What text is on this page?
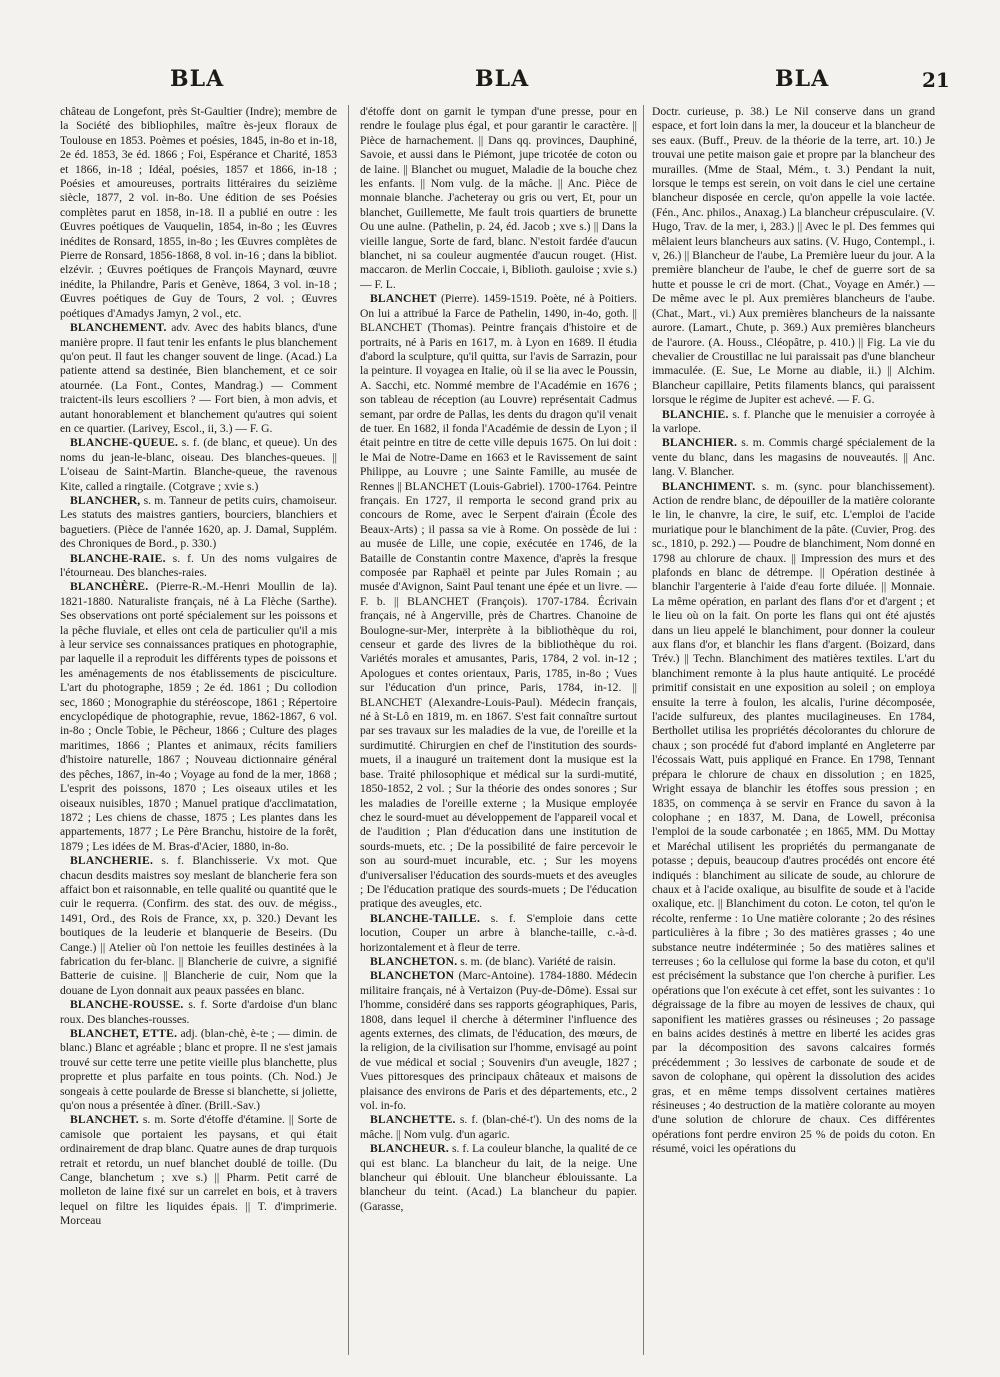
BLA	BLA	BLA	21

château de Longefont, près St-Gaultier (Indre); membre de la Société des bibliophiles, maître ès-jeux floraux de Toulouse en 1853. Poèmes et poésies, 1845, in-8o et in-18, 2e éd. 1853, 3e éd. 1866 ; Foi, Espérance et Charité, 1853 et 1866, in-18 ; Idéal, poésies, 1857 et 1866, in-18 ; Poésies et amoureuses, portraits littéraires du seizième siècle, 1877, 2 vol. in-8o. Une édition de ses Poésies complètes parut en 1858, in-18. Il a publié en outre : les Œuvres poétiques de Vauquelin, 1854, in-8o ; les Œuvres inédites de Ronsard, 1855, in-8o ; les Œuvres complètes de Pierre de Ronsard, 1856-1868, 8 vol. in-16 ; dans la bibliot. elzévir. ; Œuvres poétiques de François Maynard, œuvre inédite, la Philandre, Paris et Genève, 1864, 3 vol. in-18 ; Œuvres poétiques de Guy de Tours, 2 vol. ; Œuvres poétiques d'Amadys Jamyn, 2 vol., etc.

BLANCHEMENT. adv. Avec des habits blancs, d'une manière propre. Il faut tenir les enfants le plus blanchement qu'on peut. Il faut les changer souvent de linge. (Acad.) La patiente attend sa destinée, Bien blanchement, et ce soir atournée. (La Font., Contes, Mandrag.) — Comment traictent-ils leurs escolliers ? — Fort bien, à mon advis, et autant honorablement et blanchement qu'autres qui soient en ce quartier. (Larivey, Escol., ii, 3.) — F. G.

BLANCHE-QUEUE. s. f. (de blanc, et queue). Un des noms du jean-le-blanc, oiseau. Des blanches-queues. || L'oiseau de Saint-Martin. Blanche-queue, the ravenous Kite, called a ringtaile. (Cotgrave ; xvie s.)

BLANCHER, s. m. Tanneur de petits cuirs, chamoiseur. Les statuts des maistres gantiers, bourciers, blanchiers et baguetiers. (Pièce de l'année 1620, ap. J. Damal, Supplém. des Chroniques de Bord., p. 330.)

BLANCHE-RAIE. s. f. Un des noms vulgaires de l'étourneau. Des blanches-raies.

BLANCHÈRE. (Pierre-R.-M.-Henri Moullin de la). 1821-1880. Naturaliste français, né à La Flèche (Sarthe). Ses observations ont porté spécialement sur les poissons et la pêche fluviale, et elles ont cela de particulier qu'il a mis à leur service ses connaissances pratiques en photographie, par laquelle il a reproduit les différents types de poissons et les aménagements de nos établissements de pisciculture. L'art du photographe, 1859 ; 2e éd. 1861 ; Du collodion sec, 1860 ; Monographie du stéréoscope, 1861 ; Répertoire encyclopédique de photographie, revue, 1862-1867, 6 vol. in-8o ; Oncle Tobie, le Pêcheur, 1866 ; Culture des plages maritimes, 1866 ; Plantes et animaux, récits familiers d'histoire naturelle, 1867 ; Nouveau dictionnaire général des pêches, 1867, in-4o ; Voyage au fond de la mer, 1868 ; L'esprit des poissons, 1870 ; Les oiseaux utiles et les oiseaux nuisibles, 1870 ; Manuel pratique d'acclimatation, 1872 ; Les chiens de chasse, 1875 ; Les plantes dans les appartements, 1877 ; Le Père Branchu, histoire de la forêt, 1879 ; Les idées de M. Bras-d'Acier, 1880, in-8o.

BLANCHERIE. s. f. Blanchisserie. Vx mot. Que chacun desdits maistres soy meslant de blancherie fera son affaict bon et raisonnable, en telle qualité ou quantité que le cuir le requerra. (Confirm. des stat. des ouv. de mégiss., 1491, Ord., des Rois de France, xx, p. 320.) Devant les boutiques de la leuderie et blanquerie de Beseirs. (Du Cange.) || Atelier où l'on nettoie les feuilles destinées à la fabrication du fer-blanc. || Blancherie de cuivre, a signifié Batterie de cuisine. || Blancherie de cuir, Nom que la douane de Lyon donnait aux peaux passées en blanc.

BLANCHE-ROUSSE. s. f. Sorte d'ardoise d'un blanc roux. Des blanches-rousses.

BLANCHET, ETTE. adj. (blan-chè, è-te ; — dimin. de blanc.) Blanc et agréable ; blanc et propre. Il ne s'est jamais trouvé sur cette terre une petite vieille plus blanchette, plus proprette et plus parfaite en tous points. (Ch. Nod.) Je songeais à cette poularde de Bresse si blanchette, si joliette, qu'on nous a présentée à dîner. (Brill.-Sav.)

BLANCHET. s. m. Sorte d'étoffe d'étamine. || Sorte de camisole que portaient les paysans, et qui était ordinairement de drap blanc. Quatre aunes de drap turquois retrait et retordu, un nuef blanchet doublé de toille. (Du Cange, blanchetum ; xve s.) || Pharm. Petit carré de molleton de laine fixé sur un carrelet en bois, et à travers lequel on filtre les liquides épais. || T. d'imprimerie. Morceau

d'étoffe dont on garnit le tympan d'une presse, pour en rendre le foulage plus égal, et pour garantir le caractère. || Pièce de harnachement. || Dans qq. provinces, Dauphiné, Savoie, et aussi dans le Piémont, jupe tricotée de coton ou de laine. || Blanchet ou muguet, Maladie de la bouche chez les enfants. || Nom vulg. de la mâche. || Anc. Pièce de monnaie blanche. J'acheteray ou gris ou vert, Et, pour un blanchet, Guillemette, Me fault trois quartiers de brunette Ou une aulne. (Pathelin, p. 24, éd. Jacob ; xve s.) || Dans la vieille langue, Sorte de fard, blanc. N'estoit fardée d'aucun blanchet, ni sa couleur augmentée d'aucun rouget. (Hist. maccaron. de Merlin Coccaie, i, Biblioth. gauloise ; xvie s.) — F. L.

BLANCHET (Pierre). 1459-1519. Poète, né à Poitiers. On lui a attribué la Farce de Pathelin, 1490, in-4o, goth. || BLANCHET (Thomas). Peintre français d'histoire et de portraits, né à Paris en 1617, m. à Lyon en 1689. Il étudia d'abord la sculpture, qu'il quitta, sur l'avis de Sarrazin, pour la peinture. Il voyagea en Italie, où il se lia avec le Poussin, A. Sacchi, etc. Nommé membre de l'Académie en 1676 ; son tableau de réception (au Louvre) représentait Cadmus semant, par ordre de Pallas, les dents du dragon qu'il venait de tuer. En 1682, il fonda l'Académie de dessin de Lyon ; il était peintre en titre de cette ville depuis 1675. On lui doit : le Mai de Notre-Dame en 1663 et le Ravissement de saint Philippe, au Louvre ; une Sainte Famille, au musée de Rennes || BLANCHET (Louis-Gabriel). 1700-1764. Peintre français. En 1727, il remporta le second grand prix au concours de Rome, avec le Serpent d'airain (École des Beaux-Arts) ; il passa sa vie à Rome. On possède de lui : au musée de Lille, une copie, exécutée en 1746, de la Bataille de Constantin contre Maxence, d'après la fresque composée par Raphaël et peinte par Jules Romain ; au musée d'Avignon, Saint Paul tenant une épée et un livre. — F. b. || BLANCHET (François). 1707-1784. Écrivain français, né à Angerville, près de Chartres. Chanoine de Boulogne-sur-Mer, interprète à la bibliothèque du roi, censeur et garde des livres de la bibliothèque du roi. Variétés morales et amusantes, Paris, 1784, 2 vol. in-12 ; Apologues et contes orientaux, Paris, 1785, in-8o ; Vues sur l'éducation d'un prince, Paris, 1784, in-12. || BLANCHET (Alexandre-Louis-Paul). Médecin français, né à St-Lô en 1819, m. en 1867. S'est fait connaître surtout par ses travaux sur les maladies de la vue, de l'oreille et la surdimutité. Chirurgien en chef de l'institution des sourds-muets, il a inauguré un traitement dont la musique est la base. Traité philosophique et médical sur la surdi-mutité, 1850-1852, 2 vol. ; Sur la théorie des ondes sonores ; Sur les maladies de l'oreille externe ; la Musique employée chez le sourd-muet au développement de l'appareil vocal et de l'audition ; Plan d'éducation dans une institution de sourds-muets, etc. ; De la possibilité de faire percevoir le son au sourd-muet incurable, etc. ; Sur les moyens d'universaliser l'éducation des sourds-muets et des aveugles ; De l'éducation pratique des sourds-muets ; De l'éducation pratique des aveugles, etc.

BLANCHE-TAILLE. s. f. S'emploie dans cette locution, Couper un arbre à blanche-taille, c.-à-d. horizontalement et à fleur de terre.

BLANCHETON. s. m. (de blanc). Variété de raisin.

BLANCHETON (Marc-Antoine). 1784-1880. Médecin militaire français, né à Vertaizon (Puy-de-Dôme). Essai sur l'homme, considéré dans ses rapports géographiques, Paris, 1808, dans lequel il cherche à déterminer l'influence des agents externes, des climats, de l'éducation, des mœurs, de la religion, de la civilisation sur l'homme, envisagé au point de vue médical et social ; Souvenirs d'un aveugle, 1827 ; Vues pittoresques des principaux châteaux et maisons de plaisance des environs de Paris et des départements, etc., 2 vol. in-fo.

BLANCHETTE. s. f. (blan-ché-t'). Un des noms de la mâche. || Nom vulg. d'un agaric.

BLANCHEUR. s. f. La couleur blanche, la qualité de ce qui est blanc. La blancheur du lait, de la neige. Une blancheur qui éblouit. Une blancheur éblouissante. La blancheur du teint. (Acad.) La blancheur du papier. (Garasse,

Doctr. curieuse, p. 38.) Le Nil conserve dans un grand espace, et fort loin dans la mer, la douceur et la blancheur de ses eaux. (Buff., Preuv. de la théorie de la terre, art. 10.) Je trouvai une petite maison gaie et propre par la blancheur des murailles. (Mme de Staal, Mém., t. 3.) Pendant la nuit, lorsque le temps est serein, on voit dans le ciel une certaine blancheur disposée en cercle, qu'on appelle la voie lactée. (Fén., Anc. philos., Anaxag.) La blancheur crépusculaire. (V. Hugo, Trav. de la mer, i, 283.) || Avec le pl. Des femmes qui mêlaient leurs blancheurs aux satins. (V. Hugo, Contempl., i. v, 26.) || Blancheur de l'aube, La Première lueur du jour. A la première blancheur de l'aube, le chef de guerre sort de sa hutte et pousse le cri de mort. (Chat., Voyage en Amér.) — De même avec le pl. Aux premières blancheurs de l'aube. (Chat., Mart., vi.) Aux premières blancheurs de la naissante aurore. (Lamart., Chute, p. 369.) Aux premières blancheurs de l'aurore. (A. Houss., Cléopâtre, p. 410.) || Fig. La vie du chevalier de Croustillac ne lui paraissait pas d'une blancheur immaculée. (E. Sue, Le Morne au diable, ii.) || Alchim. Blancheur capillaire, Petits filaments blancs, qui paraissent lorsque le régime de Jupiter est achevé. — F. G.

BLANCHIE. s. f. Planche que le menuisier a corroyée à la varlope.

BLANCHIER. s. m. Commis chargé spécialement de la vente du blanc, dans les magasins de nouveautés. || Anc. lang. V. Blancher.

BLANCHIMENT. s. m. (sync. pour blanchissement). Action de rendre blanc, de dépouiller de la matière colorante le lin, le chanvre, la cire, le suif, etc. L'emploi de l'acide muriatique pour le blanchiment de la pâte. (Cuvier, Prog. des sc., 1810, p. 292.) — Poudre de blanchiment, Nom donné en 1798 au chlorure de chaux. || Impression des murs et des plafonds en blanc de détrempe. || Opération destinée à blanchir l'argenterie à l'aide d'eau forte diluée. || Monnaie. La même opération, en parlant des flans d'or et d'argent ; et le lieu où on la fait. On porte les flans qui ont été ajustés dans un lieu appelé le blanchiment, pour donner la couleur aux flans d'or, et blanchir les flans d'argent. (Boizard, dans Trév.) || Techn. Blanchiment des matières textiles. L'art du blanchiment remonte à la plus haute antiquité. Le procédé primitif consistait en une exposition au soleil ; on employa ensuite la terre à foulon, les alcalis, l'urine décomposée, l'acide sulfureux, des plantes mucilagineuses. En 1784, Berthollet utilisa les propriétés décolorantes du chlorure de chaux ; son procédé fut d'abord implanté en Angleterre par l'écossais Watt, puis appliqué en France. En 1798, Tennant prépara le chlorure de chaux en dissolution ; en 1825, Wright essaya de blanchir les étoffes sous pression ; en 1835, on commença à se servir en France du savon à la colophane ; en 1837, M. Dana, de Lowell, préconisa l'emploi de la soude carbonatée ; en 1865, MM. Du Mottay et Maréchal utilisent les propriétés du permanganate de potasse ; depuis, beaucoup d'autres procédés ont encore été indiqués : blanchiment au silicate de soude, au chlorure de chaux et à l'acide oxalique, au bisulfite de soude et à l'acide oxalique, etc. || Blanchiment du coton. Le coton, tel qu'on le récolte, renferme : 1o Une matière colorante ; 2o des résines particulières à la fibre ; 3o des matières grasses ; 4o une substance neutre indéterminée ; 5o des matières salines et terreuses ; 6o la cellulose qui forme la base du coton, et qu'il est précisément la substance que l'on cherche à purifier. Les opérations que l'on exécute à cet effet, sont les suivantes : 1o dégraissage de la fibre au moyen de lessives de chaux, qui saponifient les matières grasses ou résineuses ; 2o passage en bains acides destinés à mettre en liberté les acides gras par la décomposition des savons calcaires formés précédemment ; 3o lessives de carbonate de soude et de savon de colophane, qui opèrent la dissolution des acides gras, et en même temps dissolvent certaines matières résineuses ; 4o destruction de la matière colorante au moyen d'une solution de chlorure de chaux. Ces différentes opérations font perdre environ 25 % de poids du coton. En résumé, voici les opérations du
